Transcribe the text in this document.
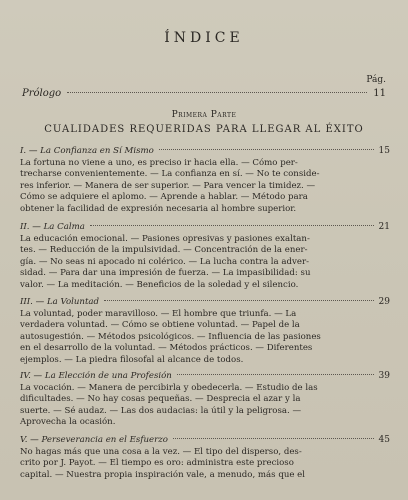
ÍNDICE
Pág.
Prólogo	11
Primera Parte
CUALIDADES REQUERIDAS PARA LLEGAR AL ÉXITO
I. — La Confianza en Sí Mismo	15

La fortuna no viene a uno, es preciso ir hacia ella. — Cómo per-

trecharse convenientemente. — La confianza en sí. — No te conside-

res inferior. — Manera de ser superior. — Para vencer la timidez. —

Cómo se adquiere el aplomo. — Aprende a hablar. — Método para

obtener la facilidad de expresión necesaria al hombre superior.

II. — La Calma	21

La educación emocional. — Pasiones opresivas y pasiones exaltan-

tes. — Reducción de la impulsividad. — Concentración de la ener-

gía. — No seas ni apocado ni colérico. — La lucha contra la adver-

sidad. — Para dar una impresión de fuerza. — La impasibilidad: su

valor. — La meditación. — Beneficios de la soledad y el silencio.

III. — La Voluntad	29

La voluntad, poder maravilloso. — El hombre que triunfa. — La

verdadera voluntad. — Cómo se obtiene voluntad. — Papel de la

autosugestión. — Métodos psicológicos. — Influencia de las pasiones

en el desarrollo de la voluntad. — Métodos prácticos. — Diferentes

ejemplos. — La piedra filosofal al alcance de todos.

IV. — La Elección de una Profesión	39

La vocación. — Manera de percibirla y obedecerla. — Estudio de las

dificultades. — No hay cosas pequeñas. — Desprecia el azar y la

suerte. — Sé audaz. — Las dos audacias: la útil y la peligrosa. —

Aprovecha la ocasión.

V. — Perseverancia en el Esfuerzo	45

No hagas más que una cosa a la vez. — El tipo del disperso, des-

crito por J. Payot. — El tiempo es oro: administra este precioso

capital. — Nuestra propia inspiración vale, a menudo, más que el
